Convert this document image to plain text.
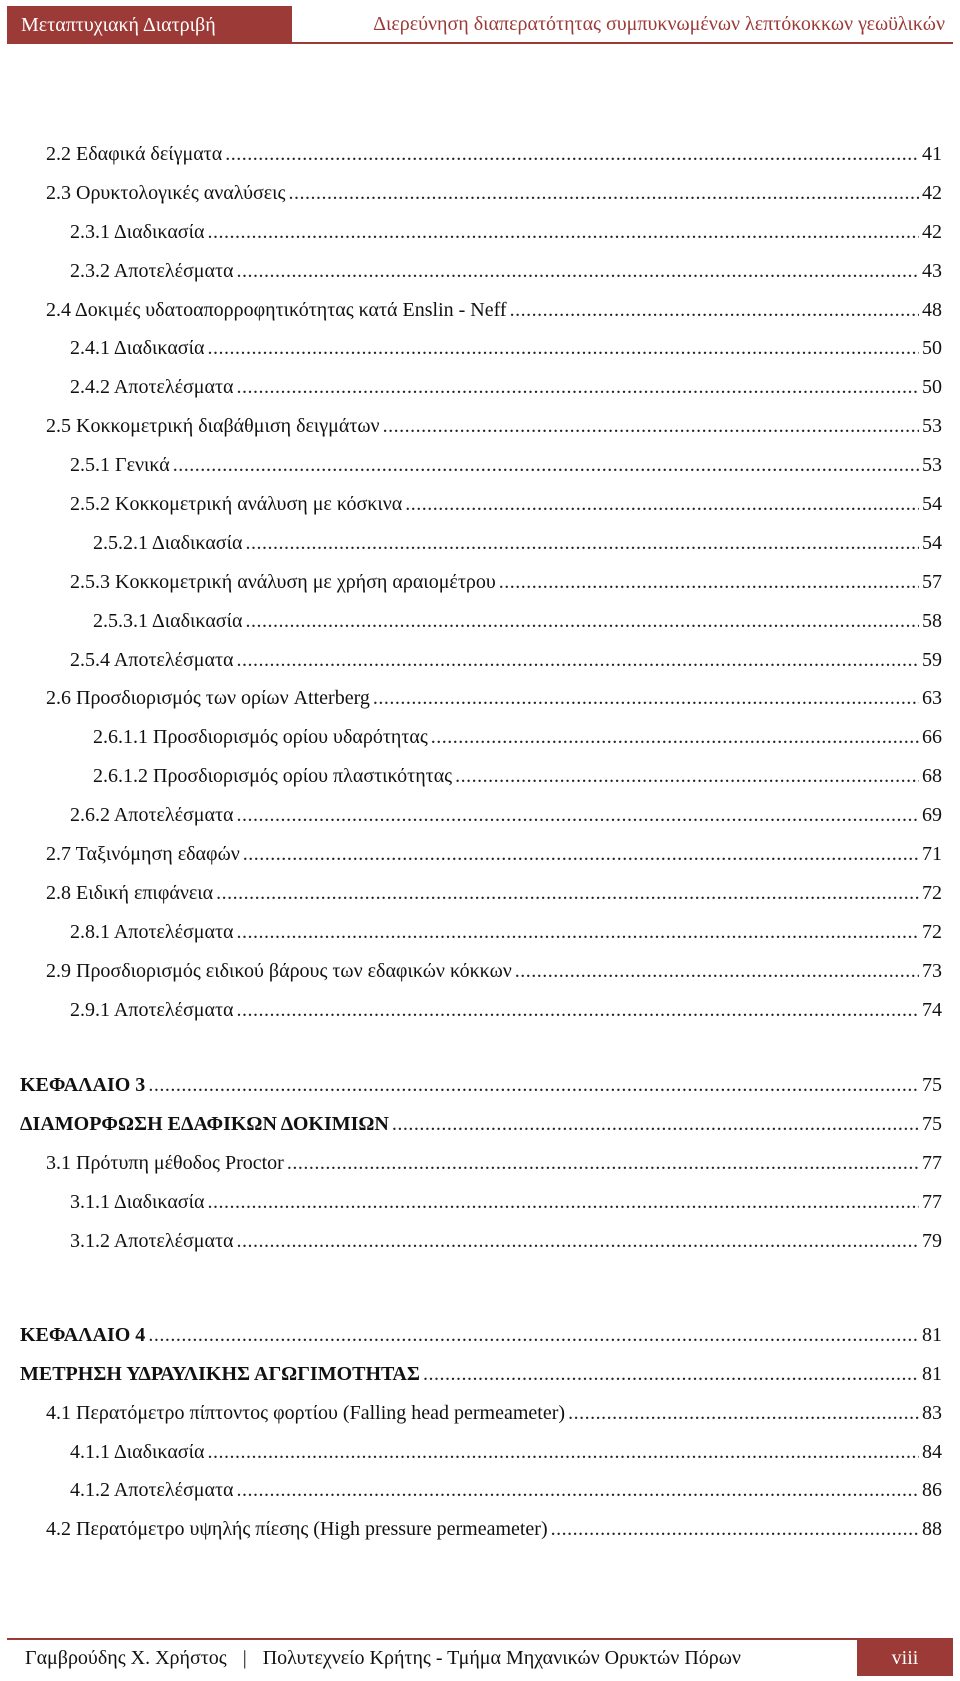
Μεταπτυχιακή Διατριβή	Διερεύνηση διαπερατότητας συμπυκνωμένων λεπτόκοκκων γεωϋλικών
2.2 Εδαφικά δείγματα .....	41
2.3 Ορυκτολογικές αναλύσεις .....	42
2.3.1 Διαδικασία .....	42
2.3.2 Αποτελέσματα .....	43
2.4 Δοκιμές υδατοαπορροφητικότητας κατά Enslin - Neff .....	48
2.4.1 Διαδικασία .....	50
2.4.2 Αποτελέσματα .....	50
2.5 Κοκκομετρική διαβάθμιση δειγμάτων .....	53
2.5.1 Γενικά .....	53
2.5.2 Κοκκομετρική ανάλυση με κόσκινα .....	54
2.5.2.1 Διαδικασία .....	54
2.5.3 Κοκκομετρική ανάλυση με χρήση αραιομέτρου .....	57
2.5.3.1 Διαδικασία .....	58
2.5.4 Αποτελέσματα .....	59
2.6 Προσδιορισμός των ορίων Atterberg .....	63
2.6.1.1 Προσδιορισμός ορίου υδαρότητας .....	66
2.6.1.2 Προσδιορισμός ορίου πλαστικότητας .....	68
2.6.2 Αποτελέσματα .....	69
2.7 Ταξινόμηση εδαφών .....	71
2.8 Ειδική επιφάνεια .....	72
2.8.1 Αποτελέσματα .....	72
2.9 Προσδιορισμός ειδικού βάρους των εδαφικών κόκκων .....	73
2.9.1 Αποτελέσματα .....	74
ΚΕΦΑΛΑΙΟ 3 .....	75
ΔΙΑΜΟΡΦΩΣΗ ΕΔΑΦΙΚΩΝ ΔΟΚΙΜΙΩΝ .....	75
3.1 Πρότυπη μέθοδος Proctor .....	77
3.1.1 Διαδικασία .....	77
3.1.2 Αποτελέσματα .....	79
ΚΕΦΑΛΑΙΟ 4 .....	81
ΜΕΤΡΗΣΗ ΥΔΡΑΥΛΙΚΗΣ ΑΓΩΓΙΜΟΤΗΤΑΣ .....	81
4.1 Περατόμετρο πίπτοντος φορτίου (Falling head permeameter) .....	83
4.1.1 Διαδικασία .....	84
4.1.2 Αποτελέσματα .....	86
4.2 Περατόμετρο υψηλής πίεσης (High pressure permeameter) .....	88
Γαμβρούδης Χ. Χρήστος | Πολυτεχνείο Κρήτης - Τμήμα Μηχανικών Ορυκτών Πόρων	viii
